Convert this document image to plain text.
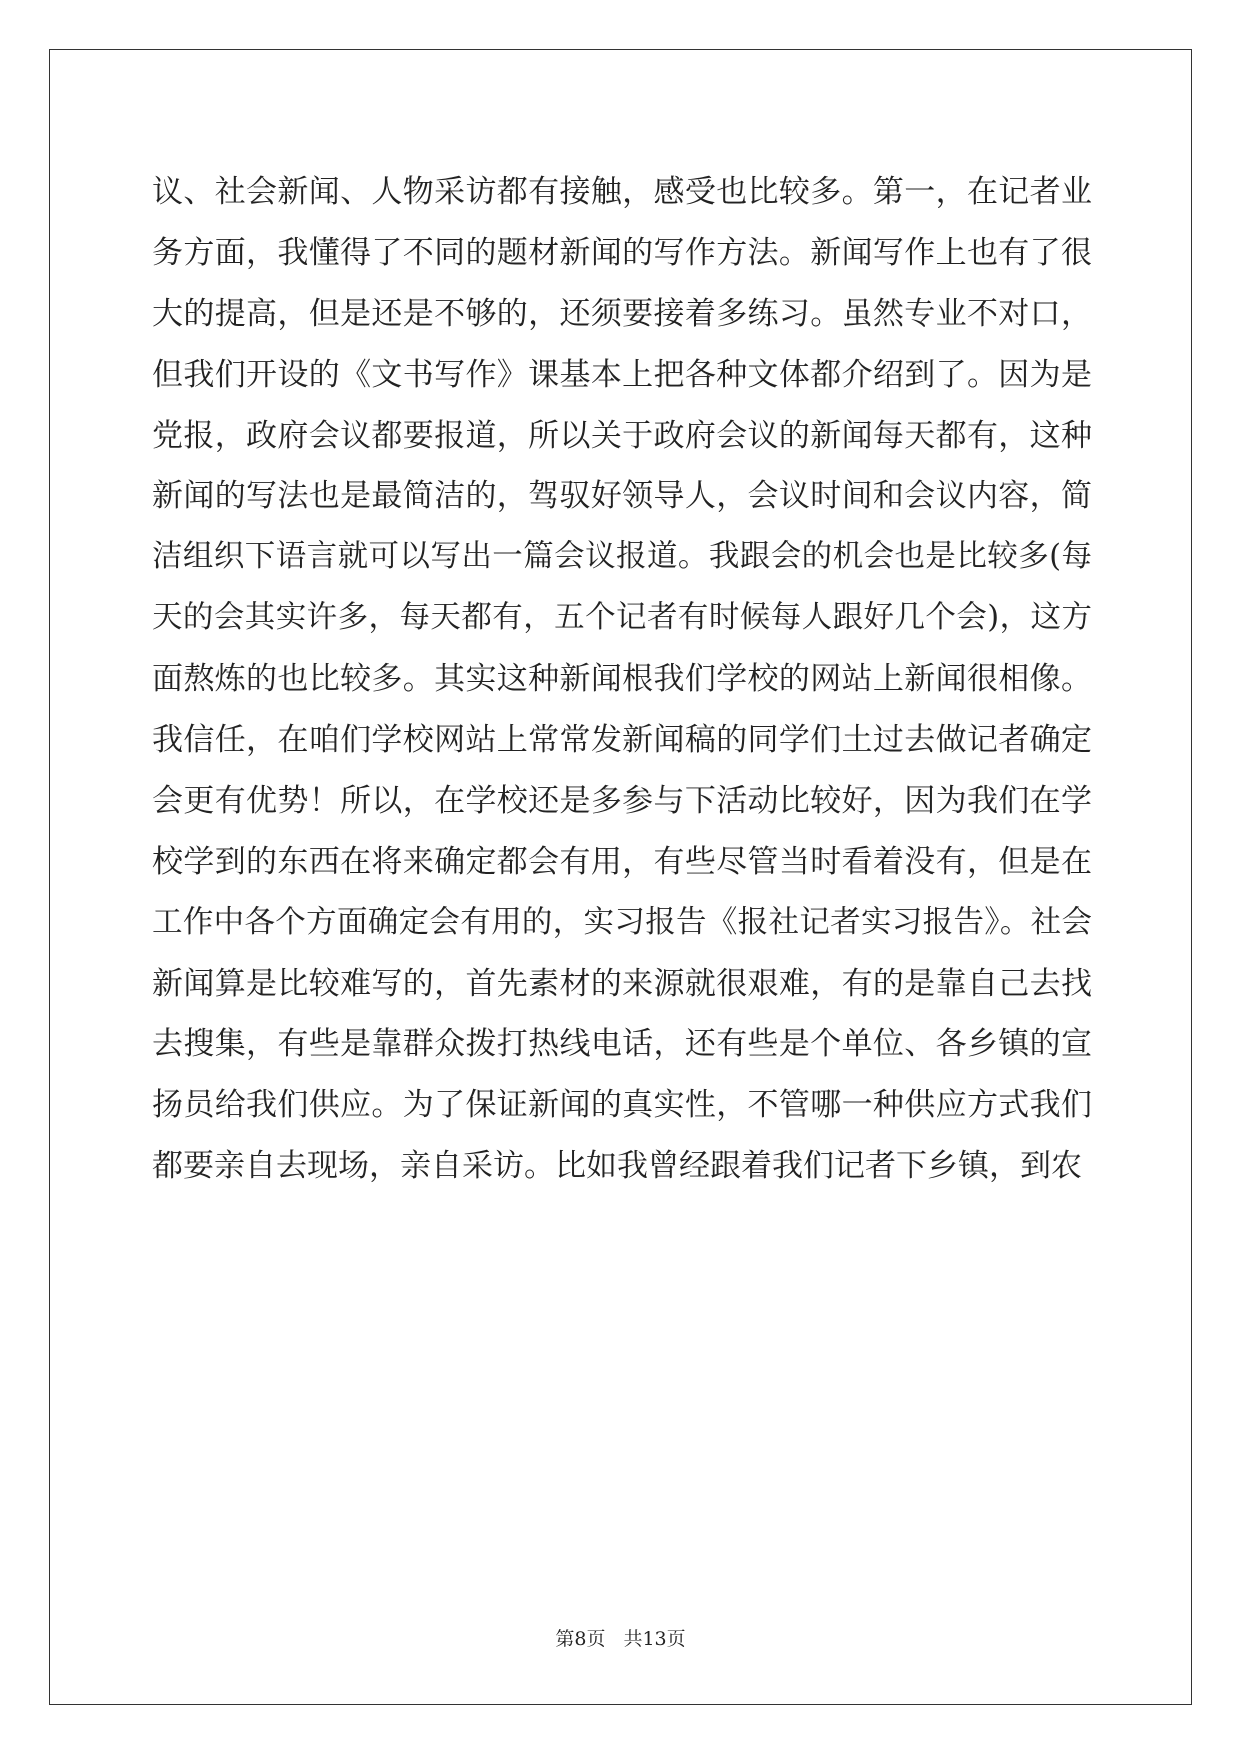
议、社会新闻、人物采访都有接触，感受也比较多。第一，在记者业
务方面，我懂得了不同的题材新闻的写作方法。新闻写作上也有了很
大的提高，但是还是不够的，还须要接着多练习。虽然专业不对口，
但我们开设的《文书写作》课基本上把各种文体都介绍到了。因为是
党报，政府会议都要报道，所以关于政府会议的新闻每天都有，这种
新闻的写法也是最简洁的，驾驭好领导人，会议时间和会议内容，简
洁组织下语言就可以写出一篇会议报道。我跟会的机会也是比较多(每
天的会其实许多，每天都有，五个记者有时候每人跟好几个会)，这方
面熬炼的也比较多。其实这种新闻根我们学校的网站上新闻很相像。
我信任，在咱们学校网站上常常发新闻稿的同学们土过去做记者确定
会更有优势！所以，在学校还是多参与下活动比较好，因为我们在学
校学到的东西在将来确定都会有用，有些尽管当时看着没有，但是在
工作中各个方面确定会有用的，实习报告《报社记者实习报告》。社会
新闻算是比较难写的，首先素材的来源就很艰难，有的是靠自己去找
去搜集，有些是靠群众拨打热线电话，还有些是个单位、各乡镇的宣
扬员给我们供应。为了保证新闻的真实性，不管哪一种供应方式我们
都要亲自去现场，亲自采访。比如我曾经跟着我们记者下乡镇，到农
第8页 共13页
